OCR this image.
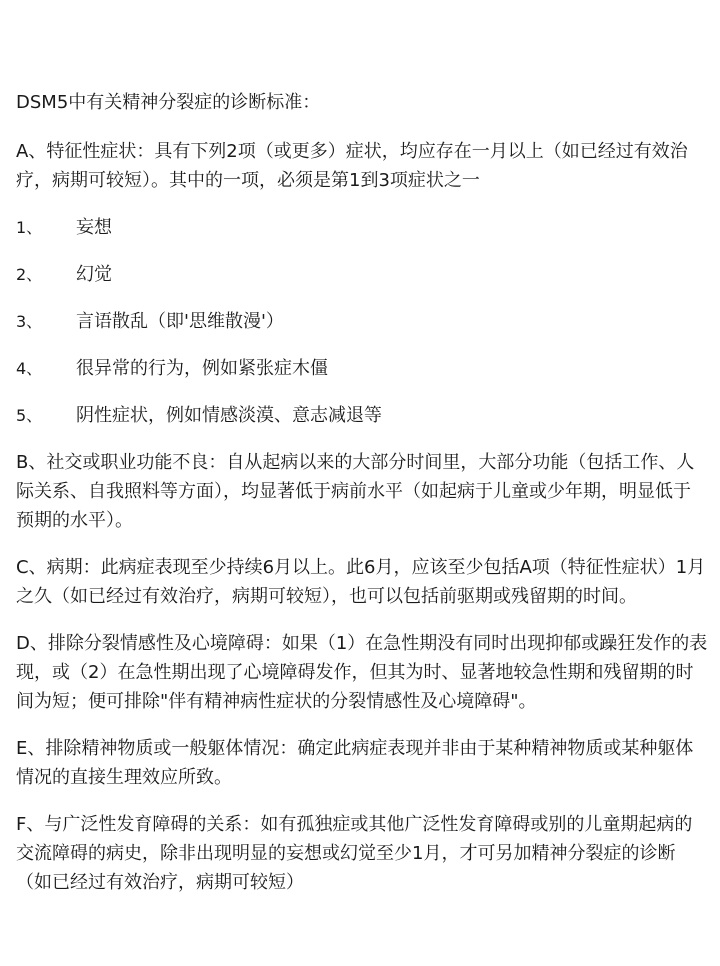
DSM5中有关精神分裂症的诊断标准：

A、特征性症状：具有下列2项（或更多）症状，均应存在一月以上（如已经过有效治疗，病期可较短）。其中的一项，必须是第1到3项症状之一

1、	妄想
2、	幻觉
3、	言语散乱（即'思维散漫'）
4、	很异常的行为，例如紧张症木僵
5、	阴性症状，例如情感淡漠、意志减退等

B、社交或职业功能不良：自从起病以来的大部分时间里，大部分功能（包括工作、人际关系、自我照料等方面），均显著低于病前水平（如起病于儿童或少年期，明显低于预期的水平）。

C、病期：此病症表现至少持续6月以上。此6月，应该至少包括A项（特征性症状）1月之久（如已经过有效治疗，病期可较短），也可以包括前驱期或残留期的时间。

D、排除分裂情感性及心境障碍：如果（1）在急性期没有同时出现抑郁或躁狂发作的表现，或（2）在急性期出现了心境障碍发作，但其为时、显著地较急性期和残留期的时间为短；便可排除"伴有精神病性症状的分裂情感性及心境障碍"。

E、排除精神物质或一般躯体情况：确定此病症表现并非由于某种精神物质或某种躯体情况的直接生理效应所致。

F、与广泛性发育障碍的关系：如有孤独症或其他广泛性发育障碍或别的儿童期起病的交流障碍的病史，除非出现明显的妄想或幻觉至少1月，才可另加精神分裂症的诊断（如已经过有效治疗，病期可较短）
